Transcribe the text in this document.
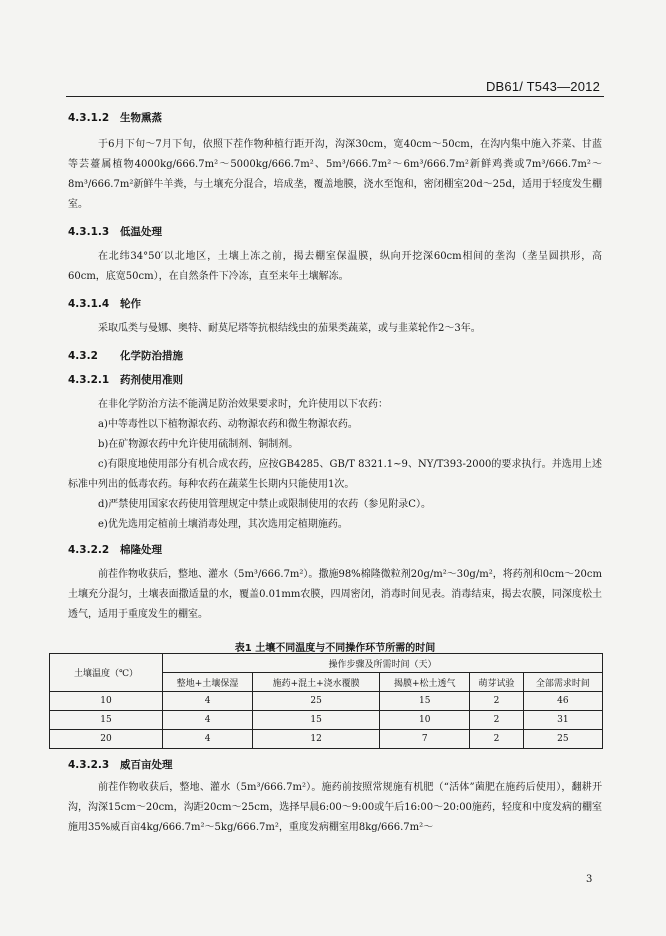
DB61/ T543—2012
4.3.1.2 生物熏蒸

于6月下旬～7月下旬，依照下茬作物种植行距开沟，沟深30cm，宽40cm～50cm，在沟内集中施入芥菜、甘蓝等芸薹属植物4000kg/666.7m²～5000kg/666.7m²、5m³/666.7m²～6m³/666.7m²新鲜鸡粪或7m³/666.7m²～8m³/666.7m²新鲜牛羊粪，与土壤充分混合，培成垄，覆盖地膜，浇水至饱和，密闭棚室20d～25d，适用于轻度发生棚室。

4.3.1.3 低温处理

在北纬34°50′以北地区，土壤上冻之前，揭去棚室保温膜，纵向开挖深60cm相间的垄沟（垄呈圆拱形，高60cm，底宽50cm），在自然条件下冷冻，直至来年土壤解冻。

4.3.1.4 轮作

采取瓜类与曼娜、奥特、耐莫尼塔等抗根结线虫的茄果类蔬菜，或与韭菜轮作2～3年。

4.3.2 化学防治措施
4.3.2.1 药剂使用准则

在非化学防治方法不能满足防治效果要求时，允许使用以下农药：

a)中等毒性以下植物源农药、动物源农药和微生物源农药。

b)在矿物源农药中允许使用硫制剂、铜制剂。

c)有限度地使用部分有机合成农药，应按GB4285、GB/T 8321.1~9、NY/T393-2000的要求执行。并选用上述标准中列出的低毒农药。每种农药在蔬菜生长期内只能使用1次。

d)严禁使用国家农药使用管理规定中禁止或限制使用的农药（参见附录C）。

e)优先选用定植前土壤消毒处理，其次选用定植期施药。

4.3.2.2 棉隆处理

前茬作物收获后，整地、灌水（5m³/666.7m²）。撒施98%棉隆微粒剂20g/m²～30g/m²，将药剂和0cm～20cm土壤充分混匀，土壤表面撒适量的水，覆盖0.01mm农膜，四周密闭，消毒时间见表。消毒结束，揭去农膜，同深度松土透气，适用于重度发生的棚室。

表1 土壤不同温度与不同操作环节所需的时间

土壤温度（℃）	操作步骤及所需时间（天）				
	整地+土壤保湿	施药+混土+浇水覆膜	揭膜+松土透气	萌芽试验	全部需求时间
10	4	25	15	2	46
15	4	15	10	2	31
20	4	12	7	2	25
4.3.2.3 威百亩处理

前茬作物收获后，整地、灌水（5m³/666.7m²）。施药前按照常规施有机肥（“活体”菌肥在施药后使用），翻耕开沟，沟深15cm～20cm，沟距20cm～25cm，选择早晨6:00～9:00或午后16:00～20:00施药，轻度和中度发病的棚室施用35%威百亩4kg/666.7m²～5kg/666.7m²，重度发病棚室用8kg/666.7m²～

3
